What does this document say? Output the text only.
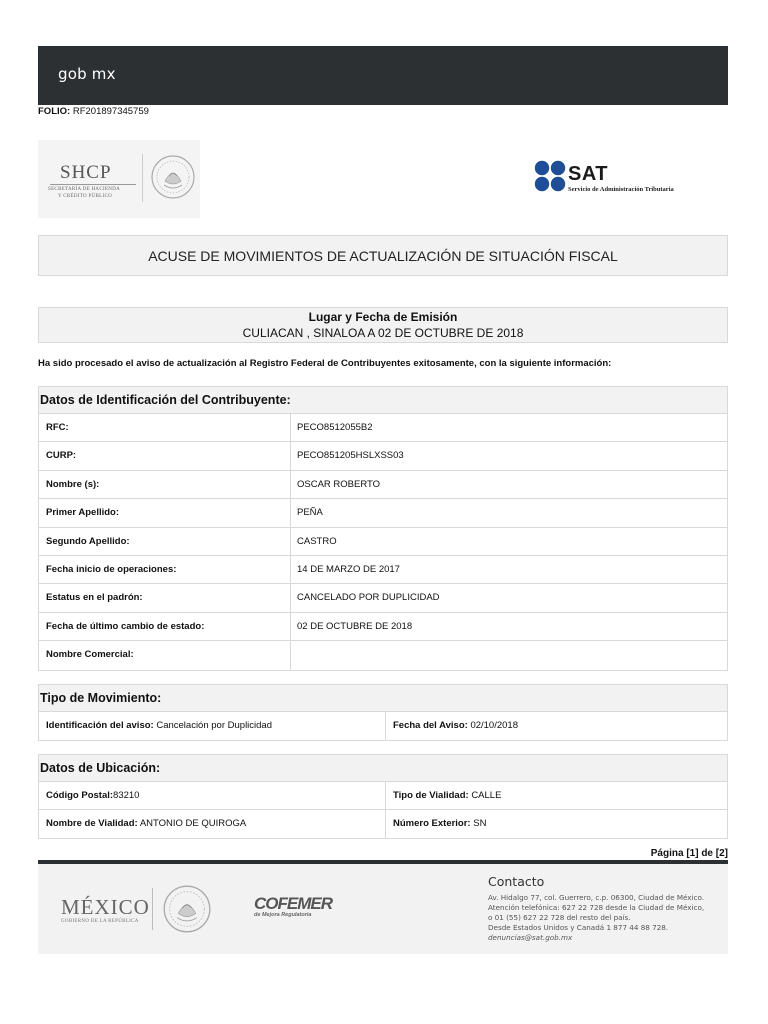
gob mx
FOLIO: RF201897345759
SHCP
SECRETARÍA DE HACIENDA
Y CRÉDITO PÚBLICO
SAT
Servicio de Administración Tributaria
ACUSE DE MOVIMIENTOS DE ACTUALIZACIÓN DE SITUACIÓN FISCAL
Lugar y Fecha de Emisión
CULIACAN , SINALOA A 02 DE OCTUBRE DE 2018
Ha sido procesado el aviso de actualización al Registro Federal de Contribuyentes exitosamente, con la siguiente información:
Datos de Identificación del Contribuyente:
RFC:	PECO8512055B2
CURP:	PECO851205HSLXSS03
Nombre (s):	OSCAR ROBERTO
Primer Apellido:	PEÑA
Segundo Apellido:	CASTRO
Fecha inicio de operaciones:	14 DE MARZO DE 2017
Estatus en el padrón:	CANCELADO POR DUPLICIDAD
Fecha de último cambio de estado:	02 DE OCTUBRE DE 2018
Nombre Comercial:
Tipo de Movimiento:
Identificación del aviso: Cancelación por Duplicidad	Fecha del Aviso: 02/10/2018
Datos de Ubicación:
Código Postal:83210	Tipo de Vialidad: CALLE
Nombre de Vialidad: ANTONIO DE QUIROGA	Número Exterior: SN
Página [1] de [2]
MÉXICO
GOBIERNO DE LA REPÚBLICA
COFEMER
de Mejora Regulatoria
Contacto
Av. Hidalgo 77, col. Guerrero, c.p. 06300, Ciudad de México.
Atención telefónica: 627 22 728 desde la Ciudad de México,
o 01 (55) 627 22 728 del resto del país.
Desde Estados Unidos y Canadá 1 877 44 88 728.
denuncias@sat.gob.mx
